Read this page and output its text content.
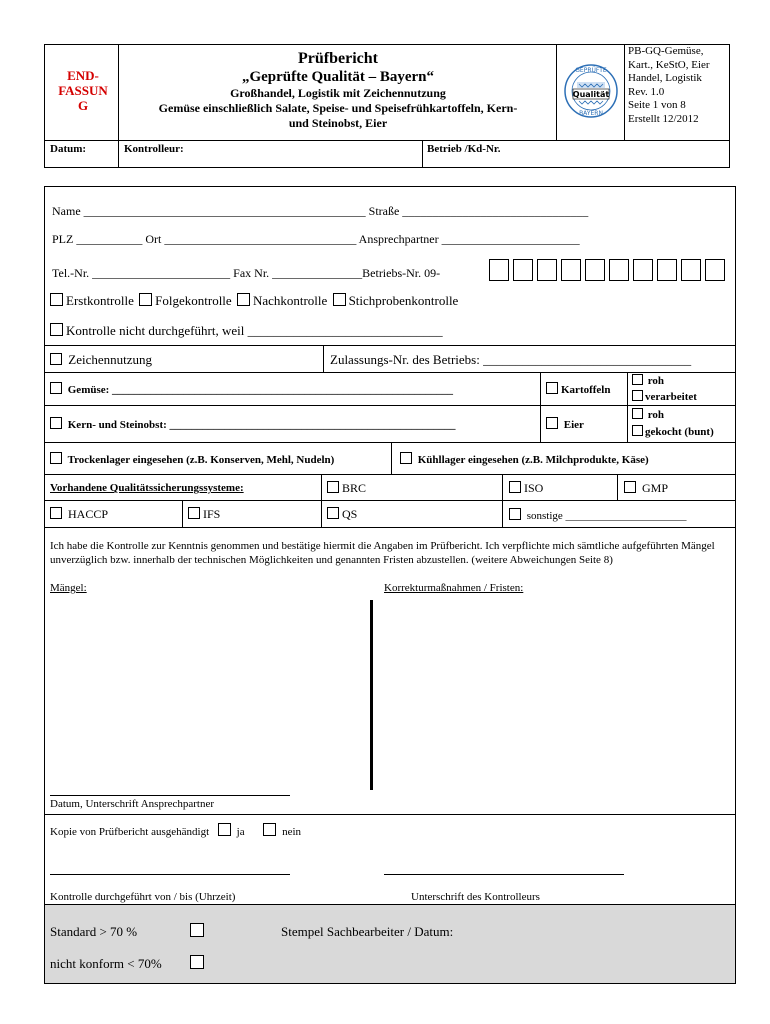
END-
FASSUN
G
Prüfbericht
„Geprüfte Qualität – Bayern“
Großhandel, Logistik mit Zeichennutzung
Gemüse einschließlich Salate, Speise- und Speisefrühkartoffeln, Kern-
und Steinobst, Eier
GEPRÜFTE
BAYERN
Qualität
PB-GQ-Gemüse,
Kart., KeStO, Eier
Handel, Logistik
Rev. 1.0
Seite 1 von 8
Erstellt 12/2012
Datum:	Kontrolleur:	Betrieb /Kd-Nr.
Name _______________________________________________ Straße _______________________________
PLZ ___________ Ort ________________________________ Ansprechpartner _______________________
Tel.-Nr. _______________________ Fax Nr. _______________Betriebs-Nr. 09-
Erstkontrolle Folgekontrolle Nachkontrolle Stichprobenkontrolle
Kontrolle nicht durchgeführt, weil ______________________________
Zeichennutzung	Zulassungs-Nr. des Betriebs: ________________________________
Gemüse: ______________________________________________________________	Kartoffeln
roh
verarbeitet
Kern- und Steinobst: ____________________________________________________	Eier
roh
gekocht (bunt)
Trockenlager eingesehen (z.B. Konserven, Mehl, Nudeln)	Kühllager eingesehen (z.B. Milchprodukte, Käse)
Vorhandene Qualitätssicherungssysteme:	BRC	ISO	GMP
HACCP	IFS	QS	sonstige ______________________
Ich habe die Kontrolle zur Kenntnis genommen und bestätige hiermit die Angaben im Prüfbericht. Ich verpflichte mich sämtliche aufgeführten Mängel unverzüglich bzw. innerhalb der technischen Möglichkeiten und genannten Fristen abzustellen. (weitere Abweichungen Seite 8)
Mängel:	Korrekturmaßnahmen / Fristen:
Datum, Unterschrift Ansprechpartner
Kopie von Prüfbericht ausgehändigt	ja	nein
Kontrolle durchgeführt von / bis (Uhrzeit)	Unterschrift des Kontrolleurs
Standard > 70 %	Stempel Sachbearbeiter / Datum:
nicht konform < 70%
